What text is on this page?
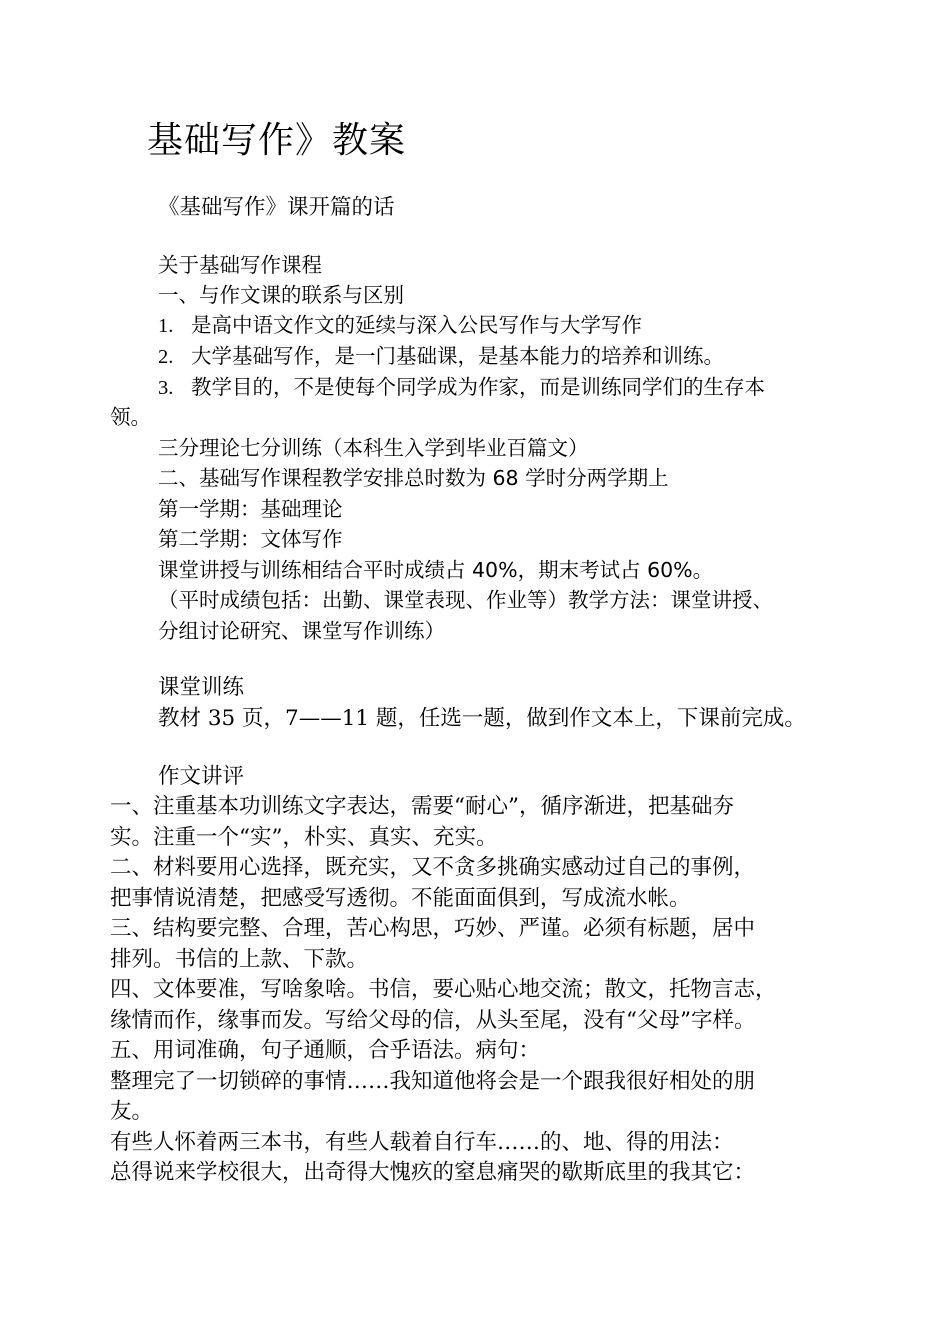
基础写作》教案
《基础写作》课开篇的话
关于基础写作课程
一、与作文课的联系与区别
1. 是高中语文作文的延续与深入公民写作与大学写作
2. 大学基础写作，是一门基础课，是基本能力的培养和训练。
3. 教学目的，不是使每个同学成为作家，而是训练同学们的生存本
领。
三分理论七分训练（本科生入学到毕业百篇文）
二、基础写作课程教学安排总时数为 68 学时分两学期上
第一学期：基础理论
第二学期：文体写作
课堂讲授与训练相结合平时成绩占 40%，期末考试占 60%。
（平时成绩包括：出勤、课堂表现、作业等）教学方法：课堂讲授、
分组讨论研究、课堂写作训练）
课堂训练
教材 35 页，7——11 题，任选一题，做到作文本上，下课前完成。
作文讲评
一、注重基本功训练文字表达，需要“耐心”，循序渐进，把基础夯
实。注重一个“实”，朴实、真实、充实。
二、材料要用心选择，既充实，又不贪多挑确实感动过自己的事例，
把事情说清楚，把感受写透彻。不能面面俱到，写成流水帐。
三、结构要完整、合理，苦心构思，巧妙、严谨。必须有标题，居中
排列。书信的上款、下款。
四、文体要准，写啥象啥。书信，要心贴心地交流；散文，托物言志，
缘情而作，缘事而发。写给父母的信，从头至尾，没有“父母”字样。
五、用词准确，句子通顺，合乎语法。病句：
整理完了一切锁碎的事情……我知道他将会是一个跟我很好相处的朋
友。
有些人怀着两三本书，有些人载着自行车……的、地、得的用法：
总得说来学校很大，出奇得大愧疚的窒息痛哭的歇斯底里的我其它：
